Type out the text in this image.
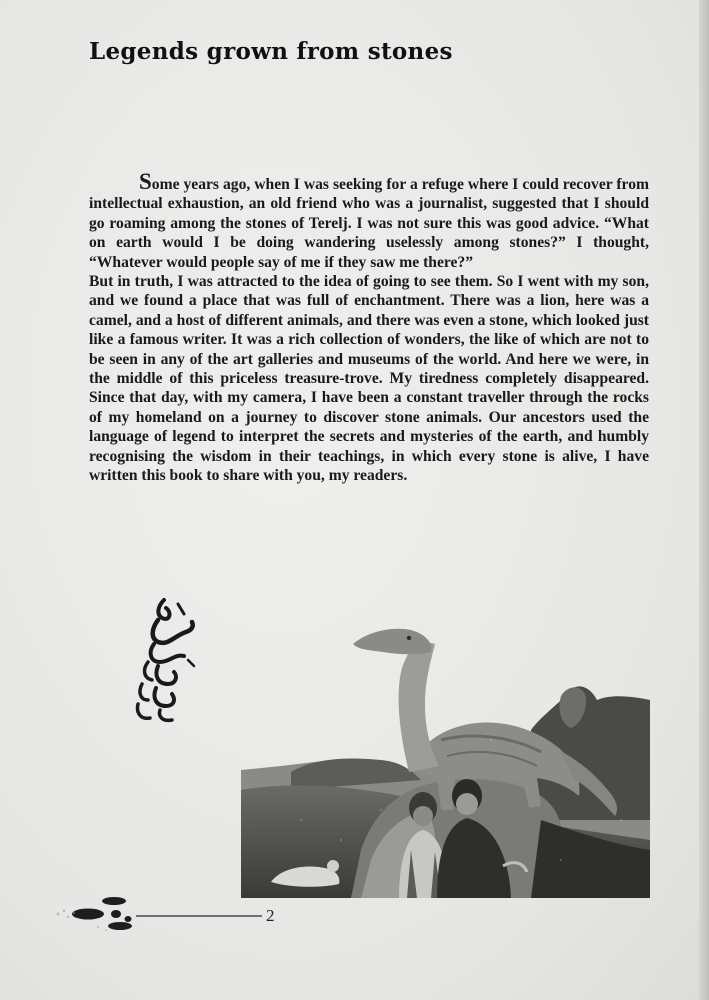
Legends grown from stones

Some years ago, when I was seeking for a refuge where I could recover from intellectual exhaustion, an old friend who was a journalist, suggested that I should go roaming among the stones of Terelj. I was not sure this was good advice. “What on earth would I be doing wandering uselessly among stones?” I thought, “Whatever would people say of me if they saw me there?”

But in truth, I was attracted to the idea of going to see them. So I went with my son, and we found a place that was full of enchantment. There was a lion, here was a camel, and a host of different animals, and there was even a stone, which looked just like a famous writer. It was a rich collection of wonders, the like of which are not to be seen in any of the art galleries and museums of the world. And here we were, in the middle of this priceless treasure-trove. My tiredness completely disappeared. Since that day, with my camera, I have been a constant traveller through the rocks of my homeland on a journey to discover stone animals. Our ancestors used the language of legend to interpret the secrets and mysteries of the earth, and humbly recognising the wisdom in their teachings, in which every stone is alive, I have written this book to share with you, my readers.

2
